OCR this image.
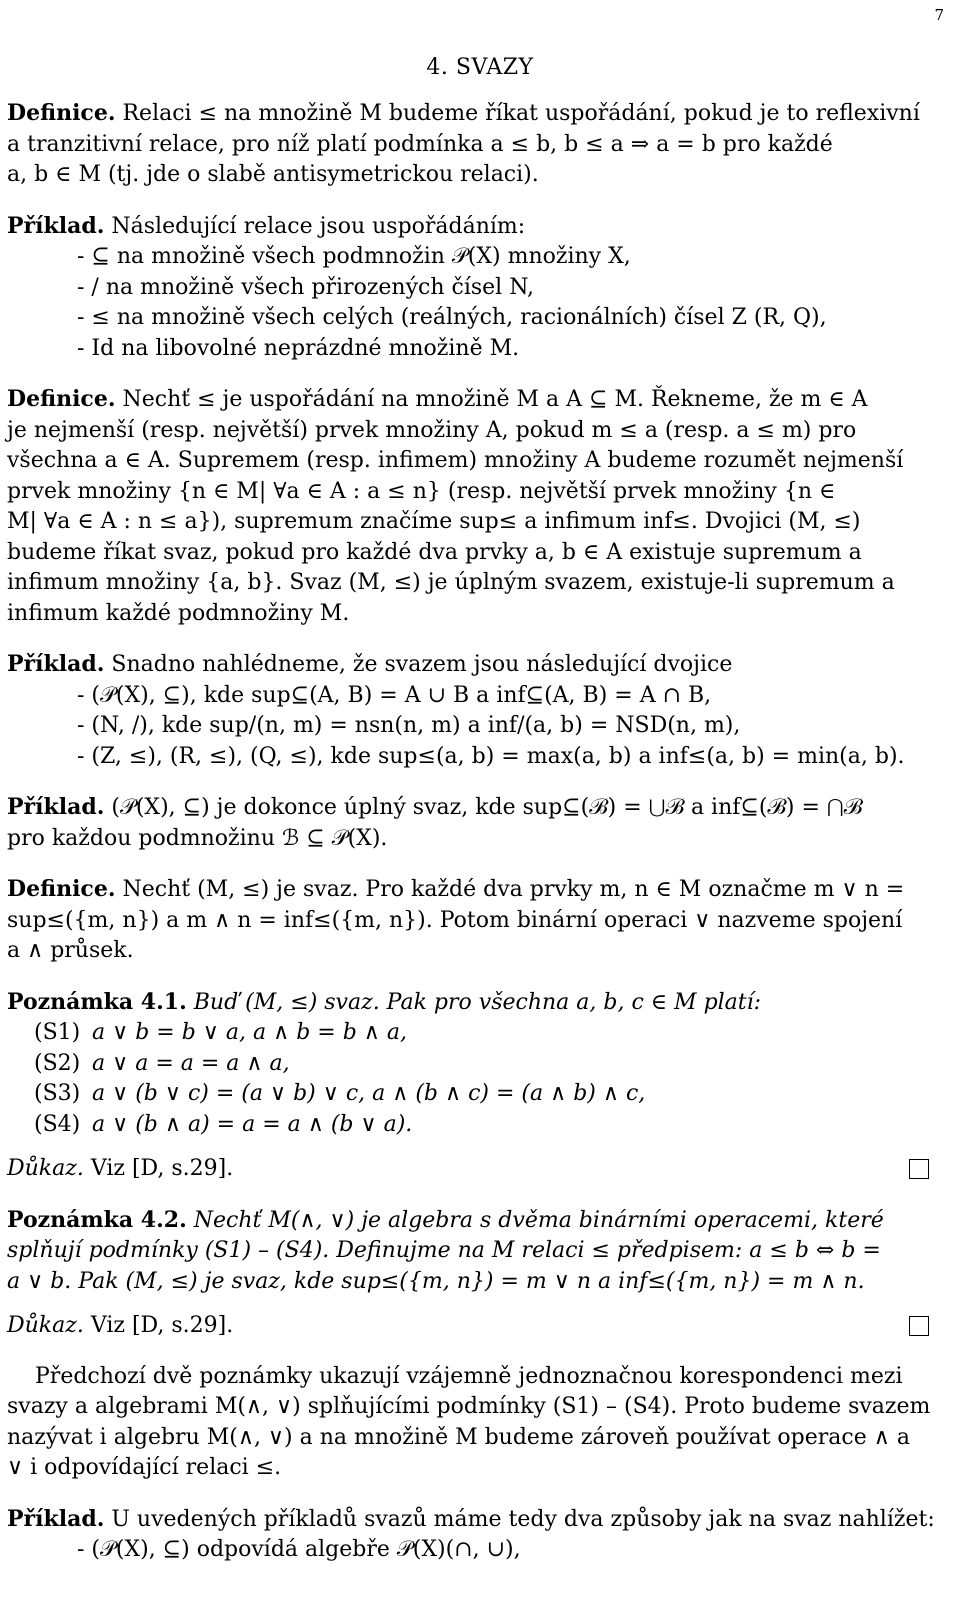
7
4. SVAZY

Definice. Relaci ≤ na množině M budeme říkat uspořádání, pokud je to reflexivní

a tranzitivní relace, pro níž platí podmínka a ≤ b, b ≤ a ⇒ a = b pro každé

a, b ∈ M (tj. jde o slabě antisymetrickou relaci).

Příklad. Následující relace jsou uspořádáním:

- ⊆ na množině všech podmnožin 𝒫(X) množiny X,

- / na množině všech přirozených čísel N,

- ≤ na množině všech celých (reálných, racionálních) čísel Z (R, Q),

- Id na libovolné neprázdné množině M.

Definice. Nechť ≤ je uspořádání na množině M a A ⊆ M. Řekneme, že m ∈ A

je nejmenší (resp. největší) prvek množiny A, pokud m ≤ a (resp. a ≤ m) pro

všechna a ∈ A. Supremem (resp. infimem) množiny A budeme rozumět nejmenší

prvek množiny {n ∈ M| ∀a ∈ A : a ≤ n} (resp. největší prvek množiny {n ∈

M| ∀a ∈ A : n ≤ a}), supremum značíme sup≤ a infimum inf≤. Dvojici (M, ≤)

budeme říkat svaz, pokud pro každé dva prvky a, b ∈ A existuje supremum a

infimum množiny {a, b}. Svaz (M, ≤) je úplným svazem, existuje-li supremum a

infimum každé podmnožiny M.

Příklad. Snadno nahlédneme, že svazem jsou následující dvojice

- (𝒫(X), ⊆), kde sup⊆(A, B) = A ∪ B a inf⊆(A, B) = A ∩ B,

- (N, /), kde sup/(n, m) = nsn(n, m) a inf/(a, b) = NSD(n, m),

- (Z, ≤), (R, ≤), (Q, ≤), kde sup≤(a, b) = max(a, b) a inf≤(a, b) = min(a, b).

Příklad. (𝒫(X), ⊆) je dokonce úplný svaz, kde sup⊆(ℬ) = ⋃ℬ a inf⊆(ℬ) = ⋂ℬ

pro každou podmnožinu ℬ ⊆ 𝒫(X).

Definice. Nechť (M, ≤) je svaz. Pro každé dva prvky m, n ∈ M označme m ∨ n =

sup≤({m, n}) a m ∧ n = inf≤({m, n}). Potom binární operaci ∨ nazveme spojení

a ∧ průsek.

Poznámka 4.1. Buď (M, ≤) svaz. Pak pro všechna a, b, c ∈ M platí:

(S1) a ∨ b = b ∨ a, a ∧ b = b ∧ a,
(S2) a ∨ a = a = a ∧ a,
(S3) a ∨ (b ∨ c) = (a ∨ b) ∨ c, a ∧ (b ∧ c) = (a ∧ b) ∧ c,
(S4) a ∨ (b ∧ a) = a = a ∧ (b ∨ a).
Důkaz. Viz [D, s.29].

Poznámka 4.2. Nechť M(∧, ∨) je algebra s dvěma binárními operacemi, které

splňují podmínky (S1) – (S4). Definujme na M relaci ≤ předpisem: a ≤ b ⇔ b =

a ∨ b. Pak (M, ≤) je svaz, kde sup≤({m, n}) = m ∨ n a inf≤({m, n}) = m ∧ n.

Důkaz. Viz [D, s.29].

Předchozí dvě poznámky ukazují vzájemně jednoznačnou korespondenci mezi

svazy a algebrami M(∧, ∨) splňujícími podmínky (S1) – (S4). Proto budeme svazem

nazývat i algebru M(∧, ∨) a na množině M budeme zároveň používat operace ∧ a

∨ i odpovídající relaci ≤.

Příklad. U uvedených příkladů svazů máme tedy dva způsoby jak na svaz nahlížet:

- (𝒫(X), ⊆) odpovídá algebře 𝒫(X)(∩, ∪),
